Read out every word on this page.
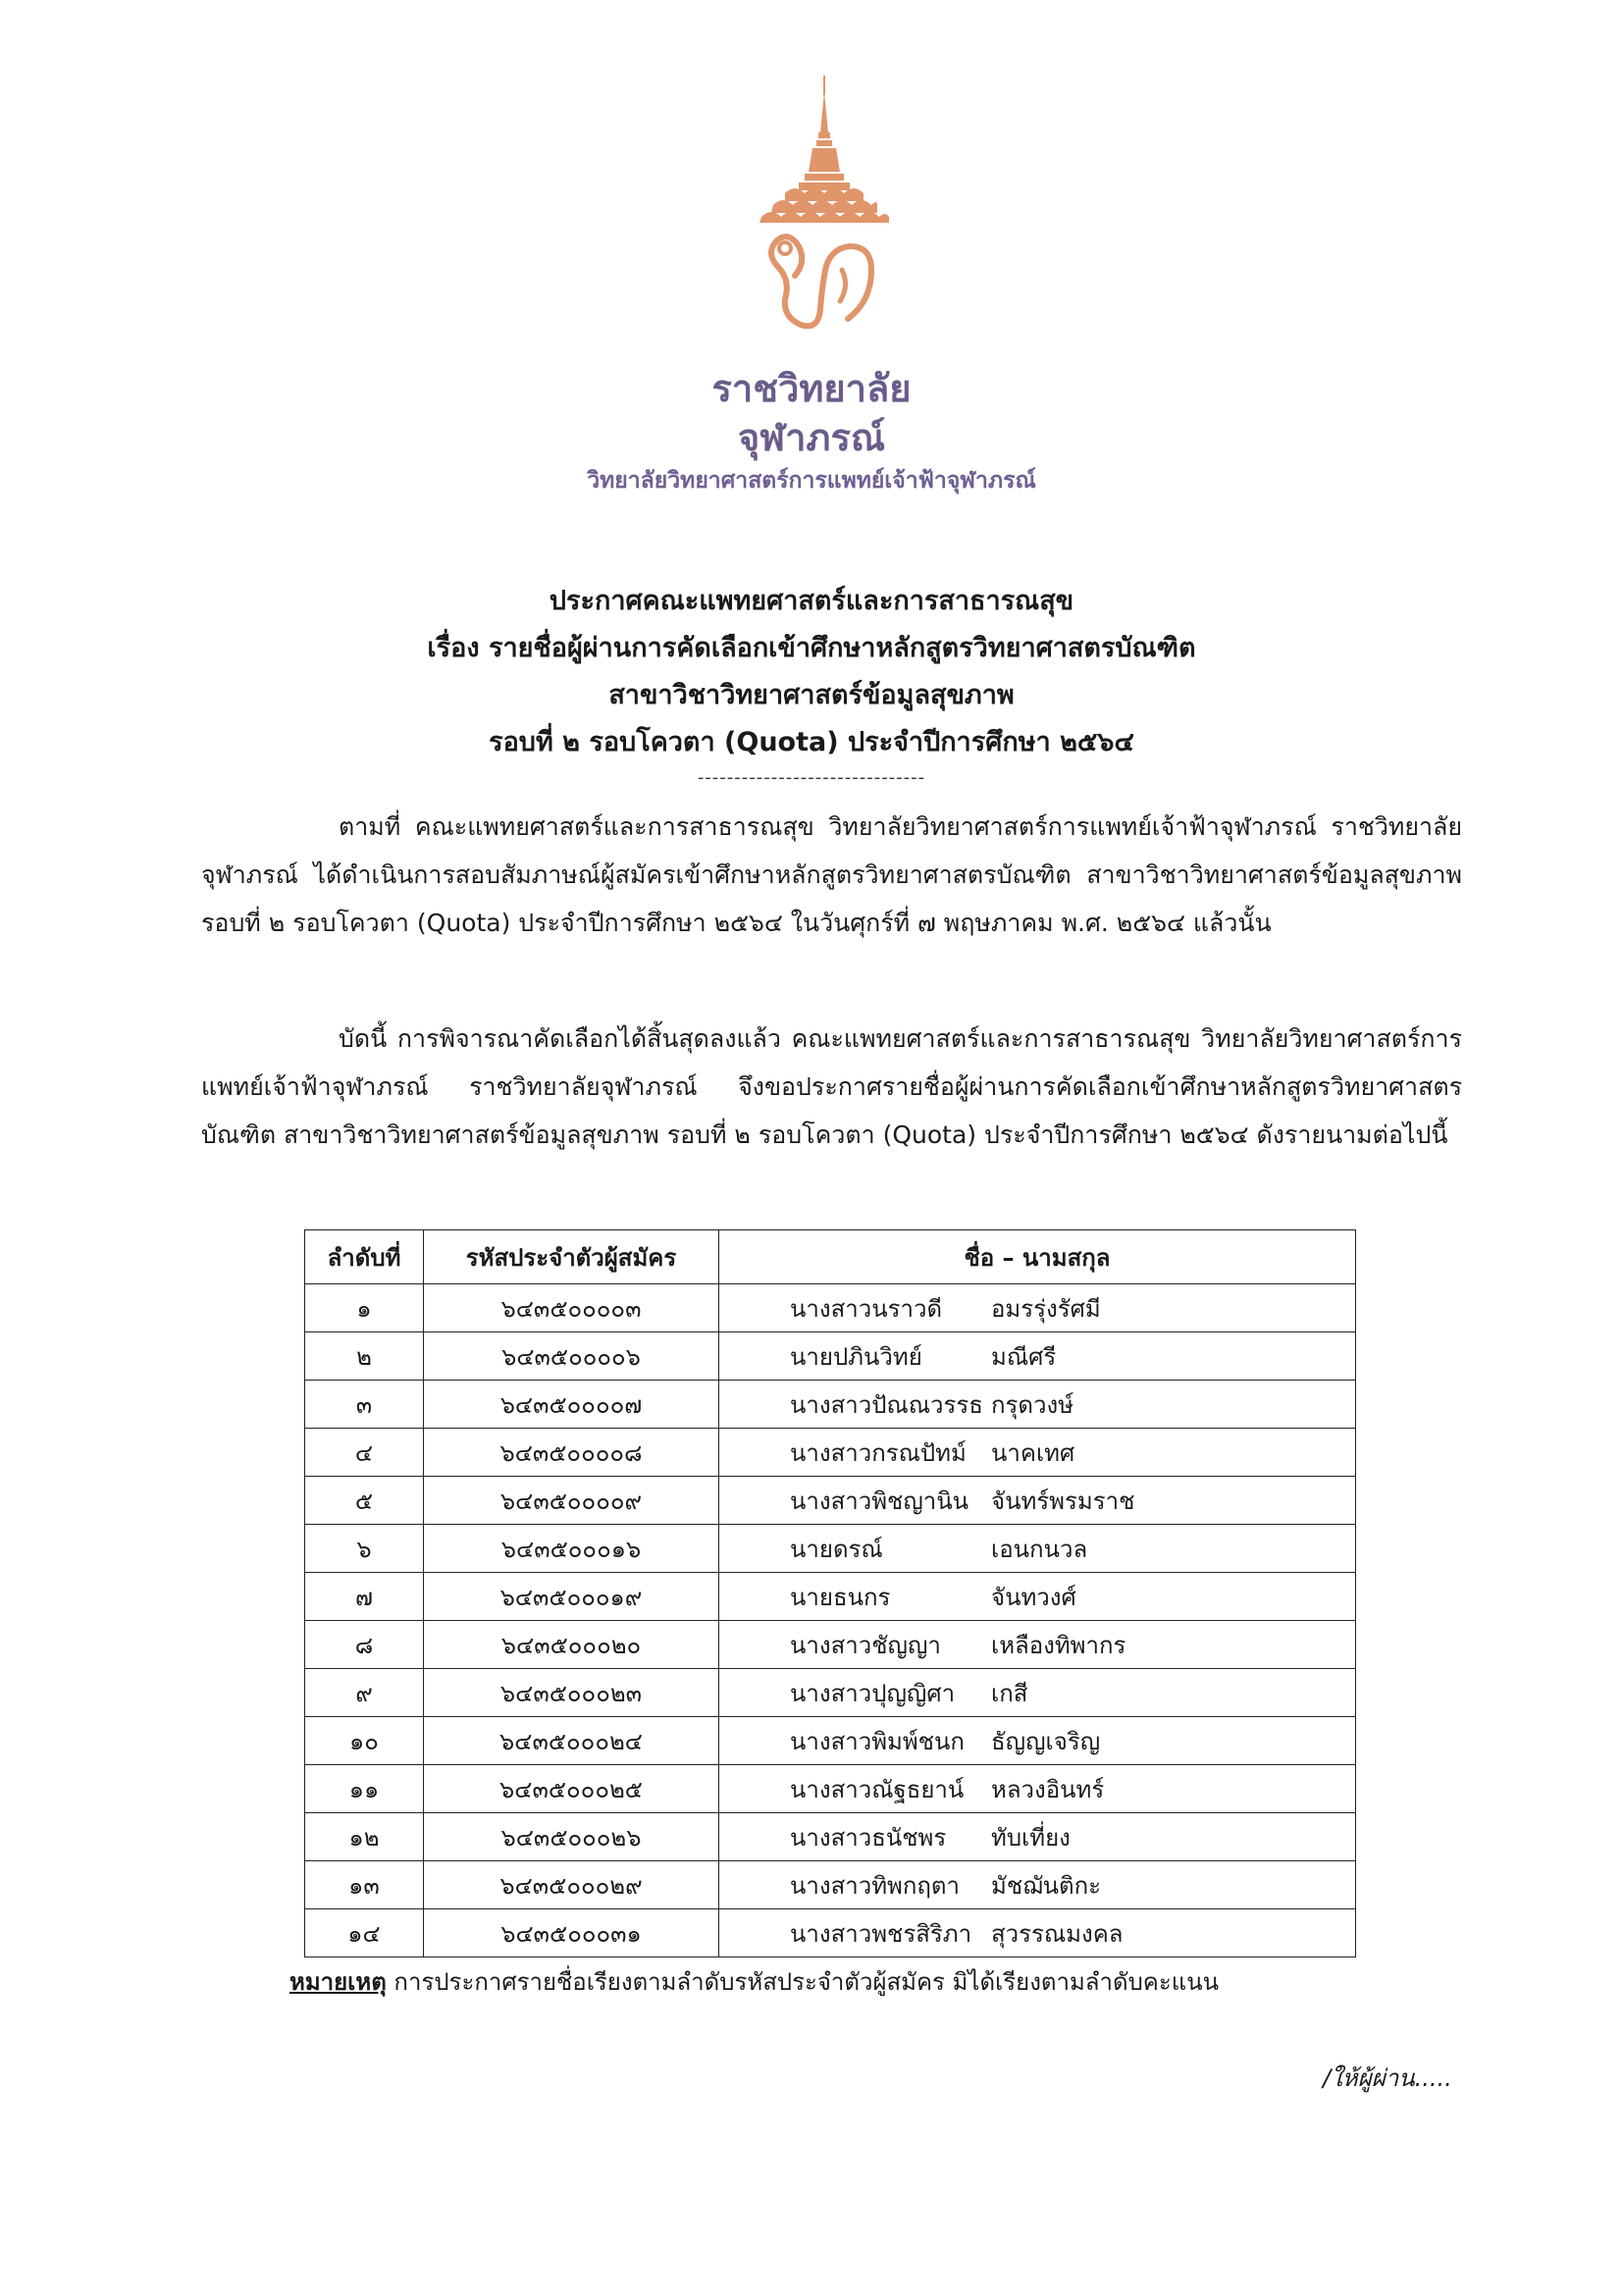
ราชวิทยาลัย
จุฬาภรณ์
วิทยาลัยวิทยาศาสตร์การแพทย์เจ้าฟ้าจุฬาภรณ์
ประกาศคณะแพทยศาสตร์และการสาธารณสุข
เรื่อง รายชื่อผู้ผ่านการคัดเลือกเข้าศึกษาหลักสูตรวิทยาศาสตรบัณฑิต
สาขาวิชาวิทยาศาสตร์ข้อมูลสุขภาพ
รอบที่ ๒ รอบโควตา (Quota) ประจำปีการศึกษา ๒๕๖๔
-------------------------------

ตามที่ คณะแพทยศาสตร์และการสาธารณสุข วิทยาลัยวิทยาศาสตร์การแพทย์เจ้าฟ้าจุฬาภรณ์ ราชวิทยาลัยจุฬาภรณ์ ได้ดำเนินการสอบสัมภาษณ์ผู้สมัครเข้าศึกษาหลักสูตรวิทยาศาสตรบัณฑิต สาขาวิชาวิทยาศาสตร์ข้อมูลสุขภาพ รอบที่ ๒ รอบโควตา (Quota) ประจำปีการศึกษา ๒๕๖๔ ในวันศุกร์ที่ ๗ พฤษภาคม พ.ศ. ๒๕๖๔ แล้วนั้น

บัดนี้ การพิจารณาคัดเลือกได้สิ้นสุดลงแล้ว คณะแพทยศาสตร์และการสาธารณสุข วิทยาลัยวิทยาศาสตร์การแพทย์เจ้าฟ้าจุฬาภรณ์ ราชวิทยาลัยจุฬาภรณ์ จึงขอประกาศรายชื่อผู้ผ่านการคัดเลือกเข้าศึกษาหลักสูตรวิทยาศาสตรบัณฑิต สาขาวิชาวิทยาศาสตร์ข้อมูลสุขภาพ รอบที่ ๒ รอบโควตา (Quota) ประจำปีการศึกษา ๒๕๖๔ ดังรายนามต่อไปนี้

ลำดับที่	รหัสประจำตัวผู้สมัคร	ชื่อ – นามสกุล
๑	๖๔๓๕๐๐๐๐๓	นางสาวนราวดี อมรรุ่งรัศมี
๒	๖๔๓๕๐๐๐๐๖	นายปภินวิทย์ มณีศรี
๓	๖๔๓๕๐๐๐๐๗	นางสาวปัณณวรรธ กรุดวงษ์
๔	๖๔๓๕๐๐๐๐๘	นางสาวกรณปัทม์ นาคเทศ
๕	๖๔๓๕๐๐๐๐๙	นางสาวพิชญานิน จันทร์พรมราช
๖	๖๔๓๕๐๐๐๑๖	นายดรณ์ เอนกนวล
๗	๖๔๓๕๐๐๐๑๙	นายธนกร จันทวงศ์
๘	๖๔๓๕๐๐๐๒๐	นางสาวชัญญา เหลืองทิพากร
๙	๖๔๓๕๐๐๐๒๓	นางสาวปุญญิศา เกสี
๑๐	๖๔๓๕๐๐๐๒๔	นางสาวพิมพ์ชนก ธัญญเจริญ
๑๑	๖๔๓๕๐๐๐๒๕	นางสาวณัฐธยาน์ หลวงอินทร์
๑๒	๖๔๓๕๐๐๐๒๖	นางสาวธนัชพร ทับเที่ยง
๑๓	๖๔๓๕๐๐๐๒๙	นางสาวทิพกฤตา มัชฌันติกะ
๑๔	๖๔๓๕๐๐๐๓๑	นางสาวพชรสิริภา สุวรรณมงคล

หมายเหตุ การประกาศรายชื่อเรียงตามลำดับรหัสประจำตัวผู้สมัคร มิได้เรียงตามลำดับคะแนน

/ให้ผู้ผ่าน.....
